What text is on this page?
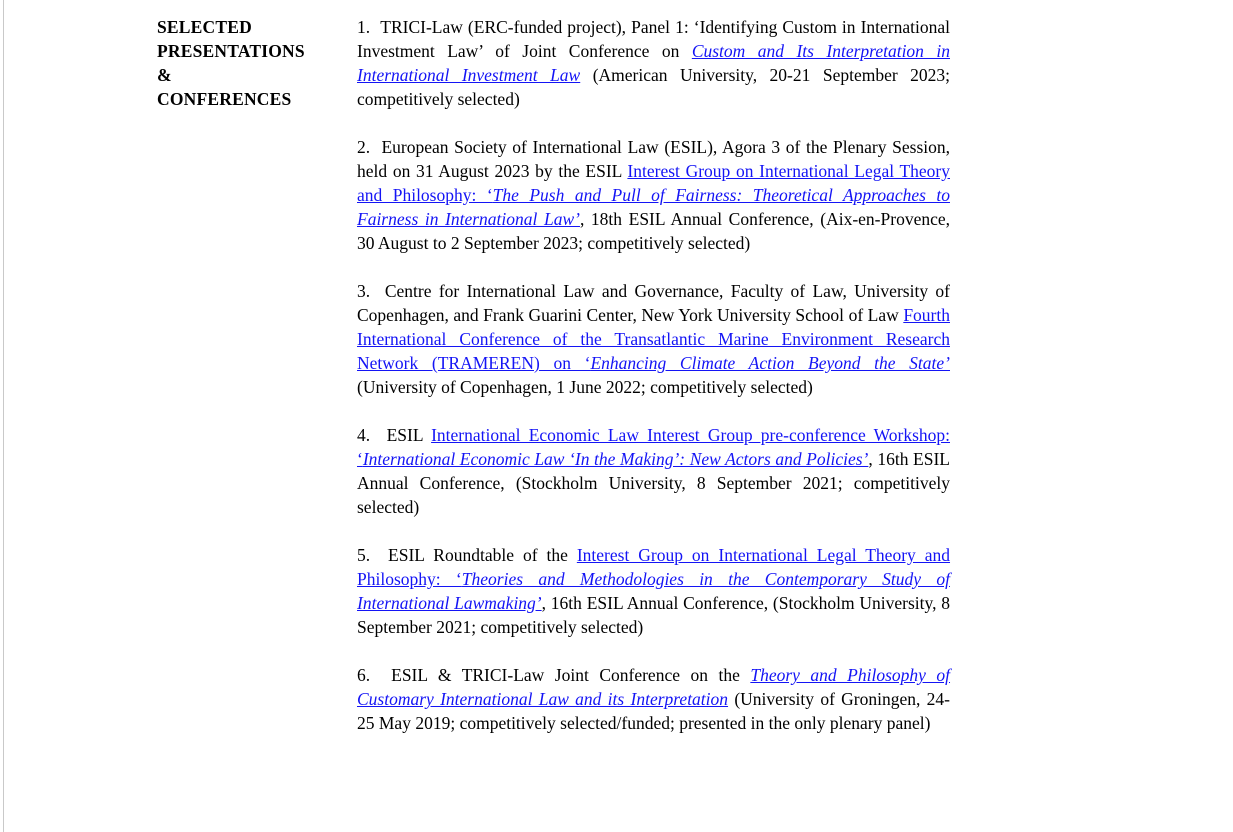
SELECTED
PRESENTATIONS
&
CONFERENCES

1.  TRICI-Law (ERC-funded project), Panel 1: ‘Identifying Custom in International Investment Law’ of Joint Conference on Custom and Its Interpretation in International Investment Law (American University, 20-21 September 2023; competitively selected)

2.  European Society of International Law (ESIL), Agora 3 of the Plenary Session, held on 31 August 2023 by the ESIL Interest Group on International Legal Theory and Philosophy: ‘The Push and Pull of Fairness: Theoretical Approaches to Fairness in International Law’, 18th ESIL Annual Conference, (Aix-en-Provence, 30 August to 2 September 2023; competitively selected)

3.  Centre for International Law and Governance, Faculty of Law, University of Copenhagen, and Frank Guarini Center, New York University School of Law Fourth International Conference of the Transatlantic Marine Environment Research Network (TRAMEREN) on ‘Enhancing Climate Action Beyond the State’ (University of Copenhagen, 1 June 2022; competitively selected)

4.  ESIL International Economic Law Interest Group pre-conference Workshop: ‘International Economic Law ‘In the Making’: New Actors and Policies’, 16th ESIL Annual Conference, (Stockholm University, 8 September 2021; competitively selected)

5.  ESIL Roundtable of the Interest Group on International Legal Theory and Philosophy: ‘Theories and Methodologies in the Contemporary Study of International Lawmaking’, 16th ESIL Annual Conference, (Stockholm University, 8 September 2021; competitively selected)

6.  ESIL & TRICI-Law Joint Conference on the Theory and Philosophy of Customary International Law and its Interpretation (University of Groningen, 24-25 May 2019; competitively selected/funded; presented in the only plenary panel)
